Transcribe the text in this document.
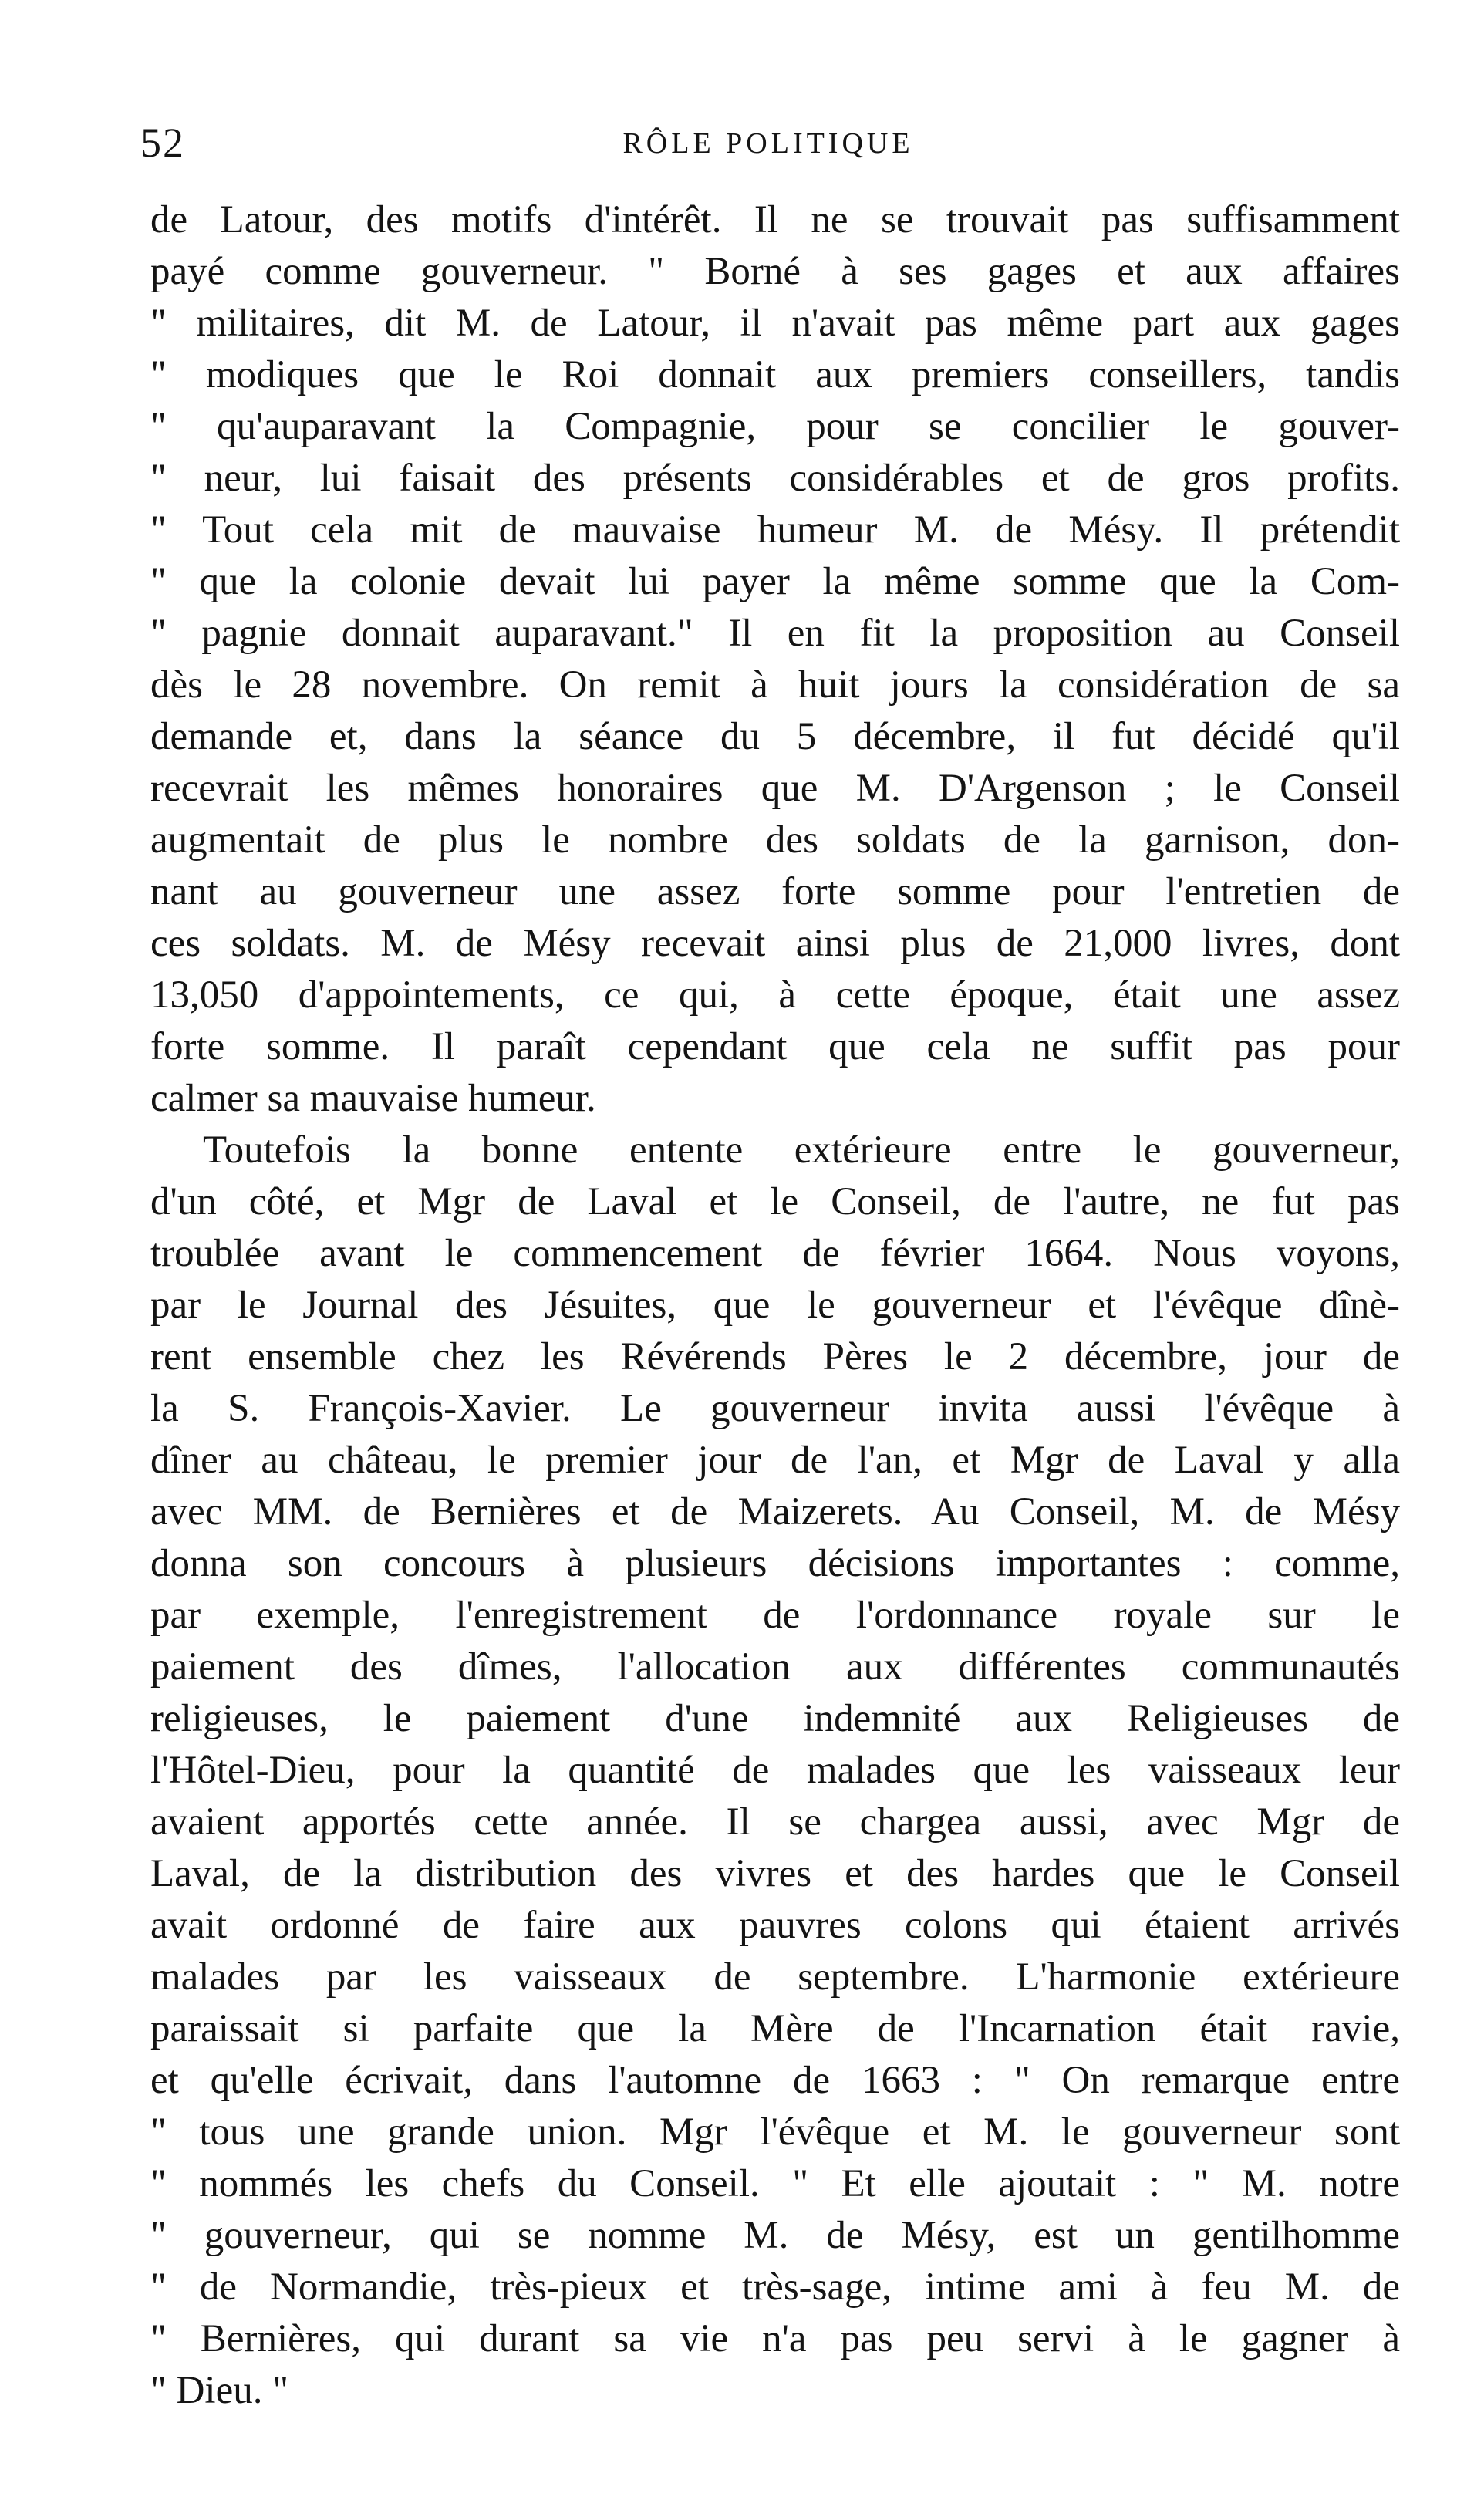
52	RÔLE POLITIQUE
de Latour, des motifs d'intérêt. Il ne se trouvait pas suffisamment
payé comme gouverneur. " Borné à ses gages et aux affaires
" militaires, dit M. de Latour, il n'avait pas même part aux gages
" modiques que le Roi donnait aux premiers conseillers, tandis
" qu'auparavant la Compagnie, pour se concilier le gouver-
" neur, lui faisait des présents considérables et de gros profits.
" Tout cela mit de mauvaise humeur M. de Mésy. Il prétendit
" que la colonie devait lui payer la même somme que la Com-
" pagnie donnait auparavant." Il en fit la proposition au Conseil
dès le 28 novembre. On remit à huit jours la considération de sa
demande et, dans la séance du 5 décembre, il fut décidé qu'il
recevrait les mêmes honoraires que M. D'Argenson ; le Conseil
augmentait de plus le nombre des soldats de la garnison, don-
nant au gouverneur une assez forte somme pour l'entretien de
ces soldats. M. de Mésy recevait ainsi plus de 21,000 livres, dont
13,050 d'appointements, ce qui, à cette époque, était une assez
forte somme. Il paraît cependant que cela ne suffit pas pour
calmer sa mauvaise humeur.
Toutefois la bonne entente extérieure entre le gouverneur,
d'un côté, et Mgr de Laval et le Conseil, de l'autre, ne fut pas
troublée avant le commencement de février 1664. Nous voyons,
par le Journal des Jésuites, que le gouverneur et l'évêque dînè-
rent ensemble chez les Révérends Pères le 2 décembre, jour de
la S. François-Xavier. Le gouverneur invita aussi l'évêque à
dîner au château, le premier jour de l'an, et Mgr de Laval y alla
avec MM. de Bernières et de Maizerets. Au Conseil, M. de Mésy
donna son concours à plusieurs décisions importantes : comme,
par exemple, l'enregistrement de l'ordonnance royale sur le
paiement des dîmes, l'allocation aux différentes communautés
religieuses, le paiement d'une indemnité aux Religieuses de
l'Hôtel-Dieu, pour la quantité de malades que les vaisseaux leur
avaient apportés cette année. Il se chargea aussi, avec Mgr de
Laval, de la distribution des vivres et des hardes que le Conseil
avait ordonné de faire aux pauvres colons qui étaient arrivés
malades par les vaisseaux de septembre. L'harmonie extérieure
paraissait si parfaite que la Mère de l'Incarnation était ravie,
et qu'elle écrivait, dans l'automne de 1663 : " On remarque entre
" tous une grande union. Mgr l'évêque et M. le gouverneur sont
" nommés les chefs du Conseil. " Et elle ajoutait : " M. notre
" gouverneur, qui se nomme M. de Mésy, est un gentilhomme
" de Normandie, très-pieux et très-sage, intime ami à feu M. de
" Bernières, qui durant sa vie n'a pas peu servi à le gagner à
" Dieu. "
